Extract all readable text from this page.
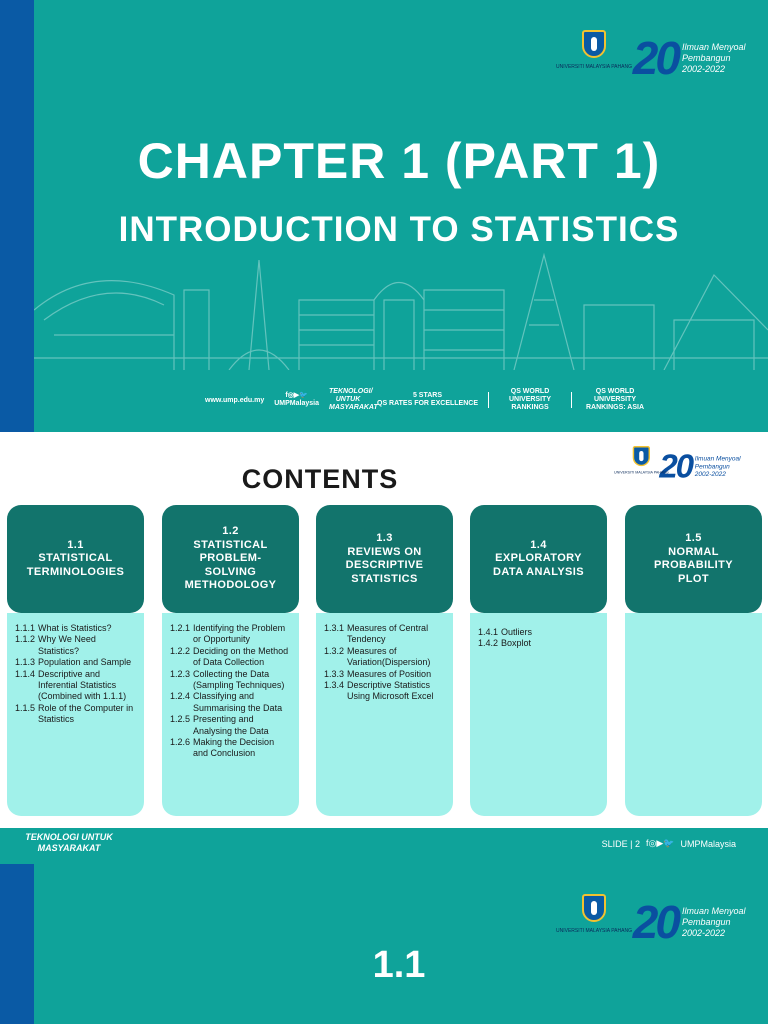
UNIVERSITI MALAYSIA PAHANG 20 Ilmuan Menyoal Pembangun
2002-2022
CHAPTER 1 (PART 1)
INTRODUCTION TO STATISTICS
www.ump.edu.my
f◎▶🐦
UMPMalaysia
TEKNOLOGI/ UNTUK MASYARAKAT
5 STARS
QS RATES FOR EXCELLENCE
QS WORLD UNIVERSITY RANKINGS
QS WORLD UNIVERSITY RANKINGS: ASIA
CONTENTS	UNIVERSITI MALAYSIA PAHANG
20 Ilmuan Menyoal Pembangun
2002-2022
1.1
STATISTICAL
TERMINOLOGIES
1.1.1 What is Statistics?
1.1.2 Why We Need Statistics?
1.1.3 Population and Sample
1.1.4 Descriptive and Inferential Statistics (Combined with 1.1.1)
1.1.5 Role of the Computer in Statistics
1.2
STATISTICAL
PROBLEM-
SOLVING
METHODOLOGY
1.2.1 Identifying the Problem or Opportunity
1.2.2 Deciding on the Method of Data Collection
1.2.3 Collecting the Data (Sampling Techniques)
1.2.4 Classifying and Summarising the Data
1.2.5 Presenting and Analysing the Data
1.2.6 Making the Decision and Conclusion
1.3
REVIEWS ON
DESCRIPTIVE
STATISTICS
1.3.1 Measures of Central Tendency
1.3.2 Measures of Variation(Dispersion)
1.3.3 Measures of Position
1.3.4 Descriptive Statistics Using Microsoft Excel
1.4
EXPLORATORY
DATA ANALYSIS
1.4.1 Outliers
1.4.2 Boxplot
1.5
NORMAL
PROBABILITY
PLOT
TEKNOLOGI UNTUK MASYARAKAT	SLIDE | 2 f◎▶🐦 UMPMalaysia
UNIVERSITI MALAYSIA PAHANG 20 Ilmuan Menyoal Pembangun
2002-2022
1.1
